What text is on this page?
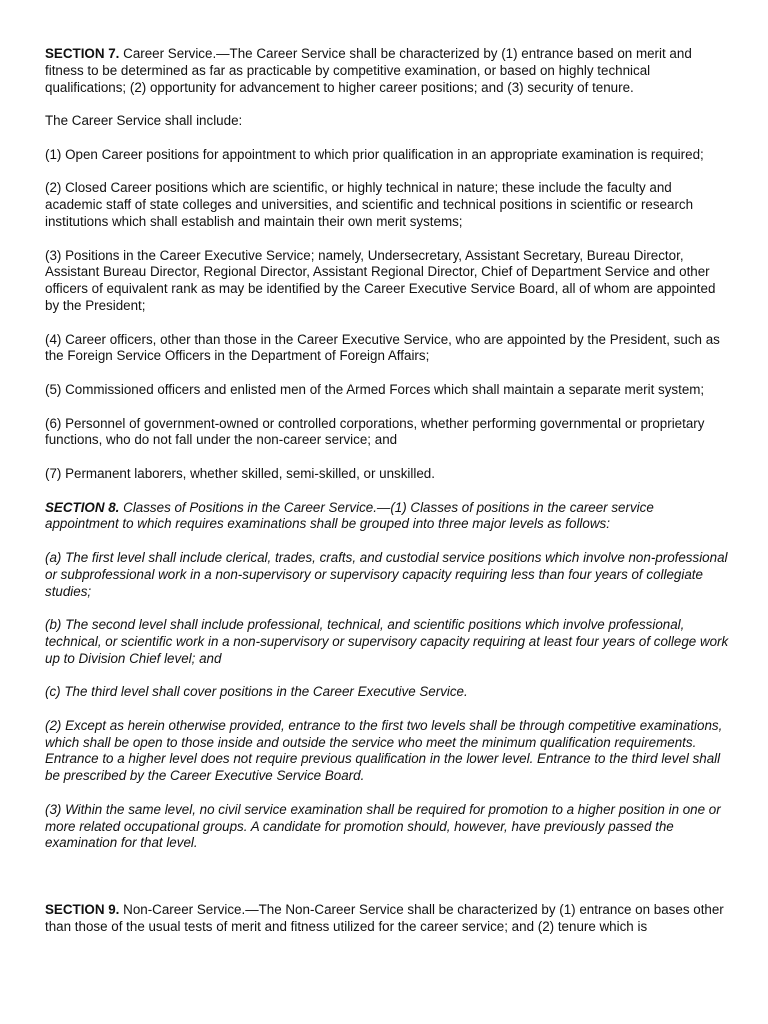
SECTION 7. Career Service.—The Career Service shall be characterized by (1) entrance based on merit and fitness to be determined as far as practicable by competitive examination, or based on highly technical qualifications; (2) opportunity for advancement to higher career positions; and (3) security of tenure.

The Career Service shall include:

(1) Open Career positions for appointment to which prior qualification in an appropriate examination is required;

(2) Closed Career positions which are scientific, or highly technical in nature; these include the faculty and academic staff of state colleges and universities, and scientific and technical positions in scientific or research institutions which shall establish and maintain their own merit systems;

(3) Positions in the Career Executive Service; namely, Undersecretary, Assistant Secretary, Bureau Director, Assistant Bureau Director, Regional Director, Assistant Regional Director, Chief of Department Service and other officers of equivalent rank as may be identified by the Career Executive Service Board, all of whom are appointed by the President;

(4) Career officers, other than those in the Career Executive Service, who are appointed by the President, such as the Foreign Service Officers in the Department of Foreign Affairs;

(5) Commissioned officers and enlisted men of the Armed Forces which shall maintain a separate merit system;

(6) Personnel of government-owned or controlled corporations, whether performing governmental or proprietary functions, who do not fall under the non-career service; and

(7) Permanent laborers, whether skilled, semi-skilled, or unskilled.

SECTION 8. Classes of Positions in the Career Service.—(1) Classes of positions in the career service appointment to which requires examinations shall be grouped into three major levels as follows:

(a) The first level shall include clerical, trades, crafts, and custodial service positions which involve non-professional or subprofessional work in a non-supervisory or supervisory capacity requiring less than four years of collegiate studies;

(b) The second level shall include professional, technical, and scientific positions which involve professional, technical, or scientific work in a non-supervisory or supervisory capacity requiring at least four years of college work up to Division Chief level; and

(c) The third level shall cover positions in the Career Executive Service.

(2) Except as herein otherwise provided, entrance to the first two levels shall be through competitive examinations, which shall be open to those inside and outside the service who meet the minimum qualification requirements. Entrance to a higher level does not require previous qualification in the lower level. Entrance to the third level shall be prescribed by the Career Executive Service Board.

(3) Within the same level, no civil service examination shall be required for promotion to a higher position in one or more related occupational groups. A candidate for promotion should, however, have previously passed the examination for that level.

SECTION 9. Non-Career Service.—The Non-Career Service shall be characterized by (1) entrance on bases other than those of the usual tests of merit and fitness utilized for the career service; and (2) tenure which is
